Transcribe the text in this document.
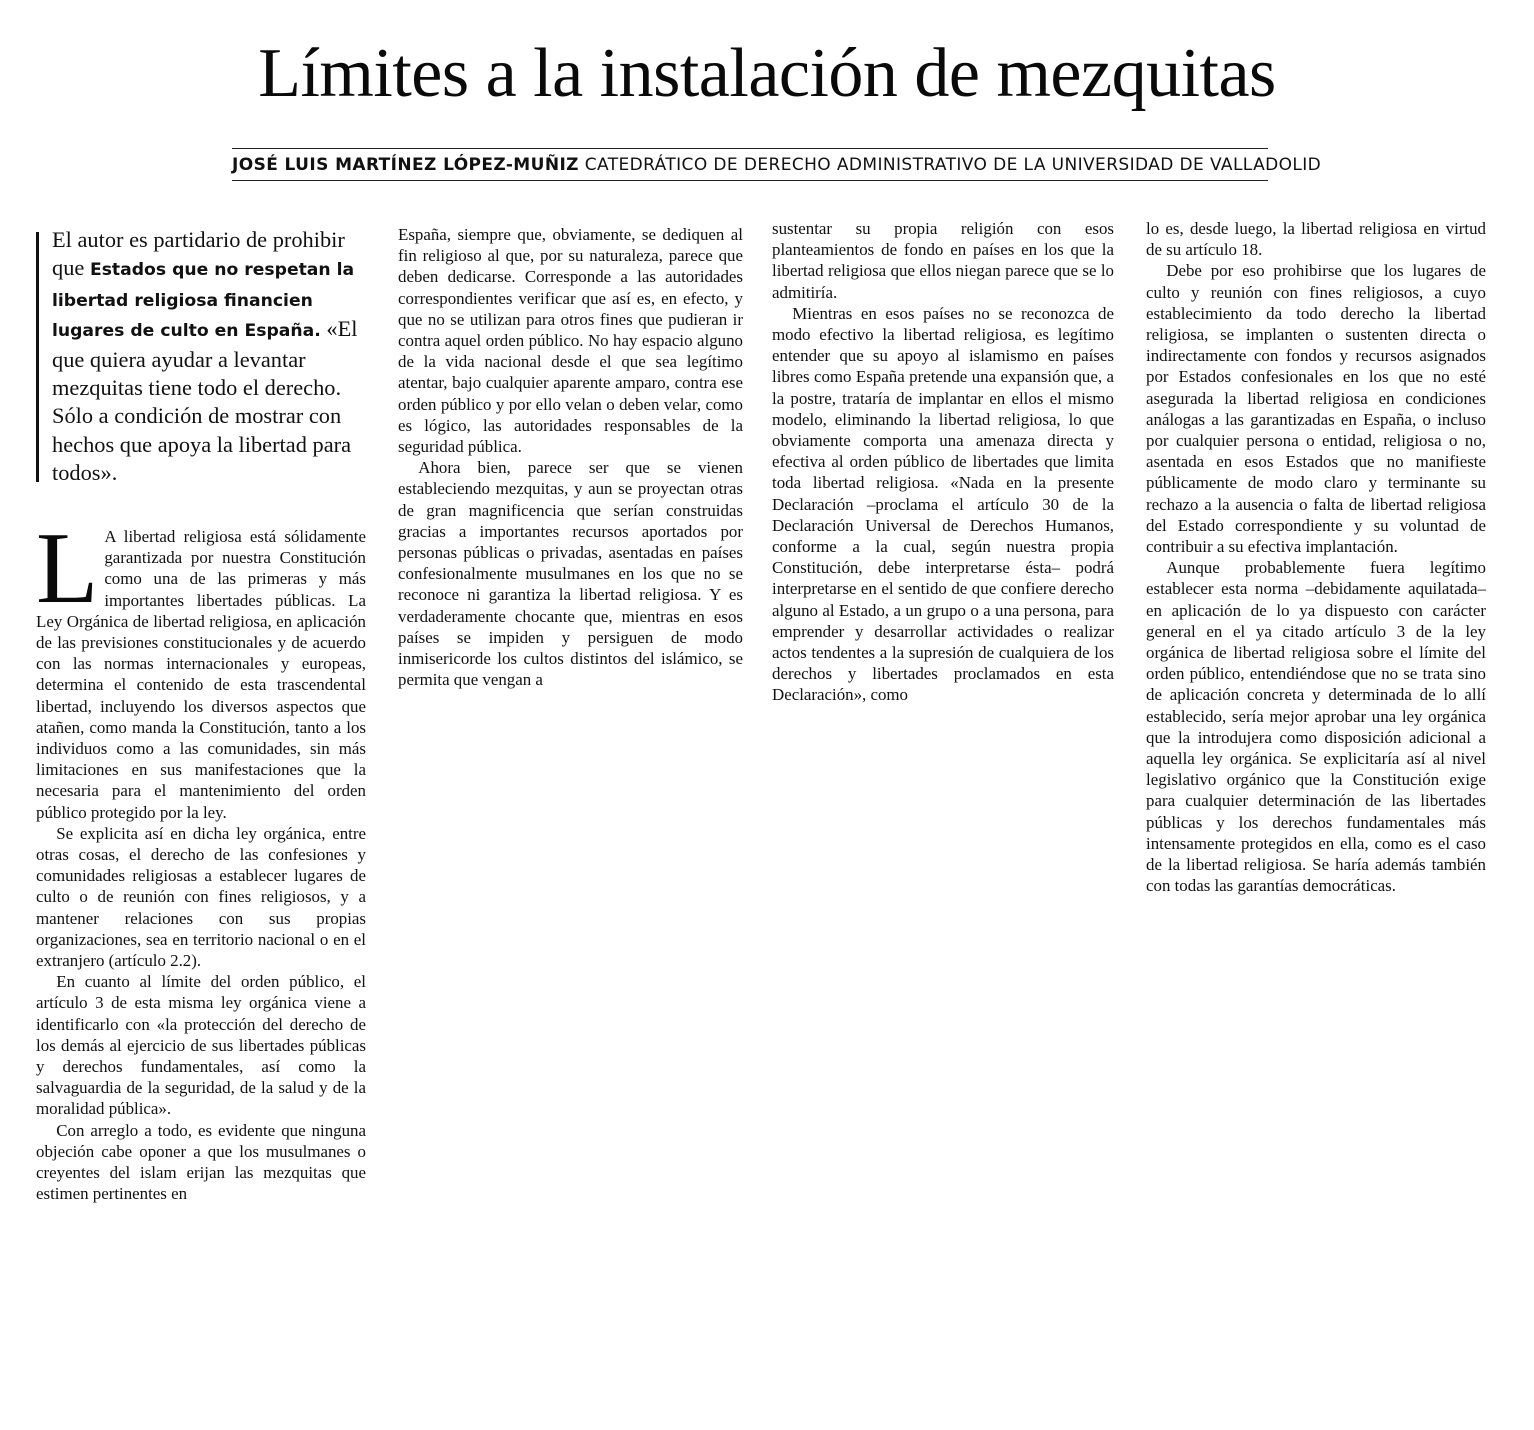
Límites a la instalación de mezquitas
JOSÉ LUIS MARTÍNEZ LÓPEZ-MUÑIZ CATEDRÁTICO DE DERECHO ADMINISTRATIVO DE LA UNIVERSIDAD DE VALLADOLID

El autor es partidario de prohibir que Estados que no respetan la libertad religiosa financien lugares de culto en España. «El que quiera ayudar a levantar mezquitas tiene todo el derecho. Sólo a condición de mostrar con hechos que apoya la libertad para todos».

L A libertad religiosa está sólidamente garantizada por nuestra Constitución como una de las primeras y más importantes libertades públicas. La Ley Orgánica de libertad religiosa, en aplicación de las previsiones constitucionales y de acuerdo con las normas internacionales y europeas, determina el contenido de esta trascendental libertad, incluyendo los diversos aspectos que atañen, como manda la Constitución, tanto a los individuos como a las comunidades, sin más limitaciones en sus manifestaciones que la necesaria para el mantenimiento del orden público protegido por la ley.

Se explicita así en dicha ley orgánica, entre otras cosas, el derecho de las confesiones y comunidades religiosas a establecer lugares de culto o de reunión con fines religiosos, y a mantener relaciones con sus propias organizaciones, sea en territorio nacional o en el extranjero (artículo 2.2).

En cuanto al límite del orden público, el artículo 3 de esta misma ley orgánica viene a identificarlo con «la protección del derecho de los demás al ejercicio de sus libertades públicas y derechos fundamentales, así como la salvaguardia de la seguridad, de la salud y de la moralidad pública».

Con arreglo a todo, es evidente que ninguna objeción cabe oponer a que los musulmanes o creyentes del islam erijan las mezquitas que estimen pertinentes en

España, siempre que, obviamente, se dediquen al fin religioso al que, por su naturaleza, parece que deben dedicarse. Corresponde a las autoridades correspondientes verificar que así es, en efecto, y que no se utilizan para otros fines que pudieran ir contra aquel orden público. No hay espacio alguno de la vida nacional desde el que sea legítimo atentar, bajo cualquier aparente amparo, contra ese orden público y por ello velan o deben velar, como es lógico, las autoridades responsables de la seguridad pública.

Ahora bien, parece ser que se vienen estableciendo mezquitas, y aun se proyectan otras de gran magnificencia que serían construidas gracias a importantes recursos aportados por personas públicas o privadas, asentadas en países confesionalmente musulmanes en los que no se reconoce ni garantiza la libertad religiosa. Y es verdaderamente chocante que, mientras en esos países se impiden y persiguen de modo inmisericorde los cultos distintos del islámico, se permita que vengan a

sustentar su propia religión con esos planteamientos de fondo en países en los que la libertad religiosa que ellos niegan parece que se lo admitiría.

Mientras en esos países no se reconozca de modo efectivo la libertad religiosa, es legítimo entender que su apoyo al islamismo en países libres como España pretende una expansión que, a la postre, trataría de implantar en ellos el mismo modelo, eliminando la libertad religiosa, lo que obviamente comporta una amenaza directa y efectiva al orden público de libertades que limita toda libertad religiosa. «Nada en la presente Declaración –proclama el artículo 30 de la Declaración Universal de Derechos Humanos, conforme a la cual, según nuestra propia Constitución, debe interpretarse ésta– podrá interpretarse en el sentido de que confiere derecho alguno al Estado, a un grupo o a una persona, para emprender y desarrollar actividades o realizar actos tendentes a la supresión de cualquiera de los derechos y libertades proclamados en esta Declaración», como

lo es, desde luego, la libertad religiosa en virtud de su artículo 18.

Debe por eso prohibirse que los lugares de culto y reunión con fines religiosos, a cuyo establecimiento da todo derecho la libertad religiosa, se implanten o sustenten directa o indirectamente con fondos y recursos asignados por Estados confesionales en los que no esté asegurada la libertad religiosa en condiciones análogas a las garantizadas en España, o incluso por cualquier persona o entidad, religiosa o no, asentada en esos Estados que no manifieste públicamente de modo claro y terminante su rechazo a la ausencia o falta de libertad religiosa del Estado correspondiente y su voluntad de contribuir a su efectiva implantación.

Aunque probablemente fuera legítimo establecer esta norma –debidamente aquilatada– en aplicación de lo ya dispuesto con carácter general en el ya citado artículo 3 de la ley orgánica de libertad religiosa sobre el límite del orden público, entendiéndose que no se trata sino de aplicación concreta y determinada de lo allí establecido, sería mejor aprobar una ley orgánica que la introdujera como disposición adicional a aquella ley orgánica. Se explicitaría así al nivel legislativo orgánico que la Constitución exige para cualquier determinación de las libertades públicas y los derechos fundamentales más intensamente protegidos en ella, como es el caso de la libertad religiosa. Se haría además también con todas las garantías democráticas.
